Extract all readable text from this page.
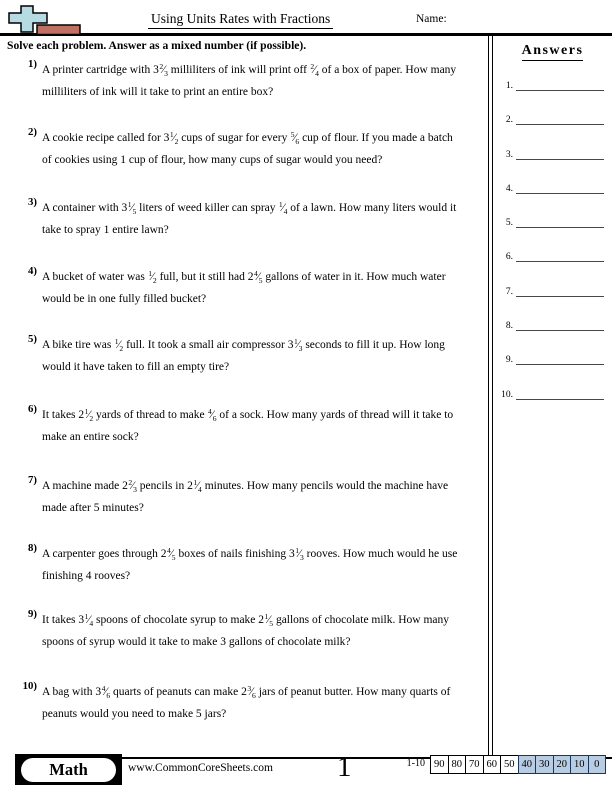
Using Units Rates with Fractions	Name:
Solve each problem. Answer as a mixed number (if possible).
1) A printer cartridge with $3^2⁄_3$ milliliters of ink will print off $^2⁄_4$ of a box of paper. How many
milliliters of ink will it take to print an entire box?
2) A cookie recipe called for $3^1⁄_2$ cups of sugar for every $^5⁄_6$ cup of flour. If you made a batch
of cookies using 1 cup of flour, how many cups of sugar would you need?
3) A container with $3^1⁄_5$ liters of weed killer can spray $^1⁄_4$ of a lawn. How many liters would it
take to spray 1 entire lawn?
4) A bucket of water was $^1⁄_2$ full, but it still had $2^4⁄_5$ gallons of water in it. How much water
would be in one fully filled bucket?
5) A bike tire was $^1⁄_2$ full. It took a small air compressor $3^1⁄_3$ seconds to fill it up. How long
would it have taken to fill an empty tire?
6) It takes $2^1⁄_2$ yards of thread to make $^4⁄_6$ of a sock. How many yards of thread will it take to
make an entire sock?
7) A machine made $2^2⁄_3$ pencils in $2^1⁄_4$ minutes. How many pencils would the machine have
made after 5 minutes?
8) A carpenter goes through $2^4⁄_5$ boxes of nails finishing $3^1⁄_3$ rooves. How much would he use
finishing 4 rooves?
9) It takes $3^1⁄_4$ spoons of chocolate syrup to make $2^1⁄_5$ gallons of chocolate milk. How many
spoons of syrup would it take to make 3 gallons of chocolate milk?
10) A bag with $3^4⁄_6$ quarts of peanuts can make $2^3⁄_6$ jars of peanut butter. How many quarts of
peanuts would you need to make 5 jars?
Answers
1.
2.
3.
4.
5.
6.
7.
8.
9.
10.
Math	www.CommonCoreSheets.com 1	1-10 90 80 70 60 50 40 30 20 10 0
